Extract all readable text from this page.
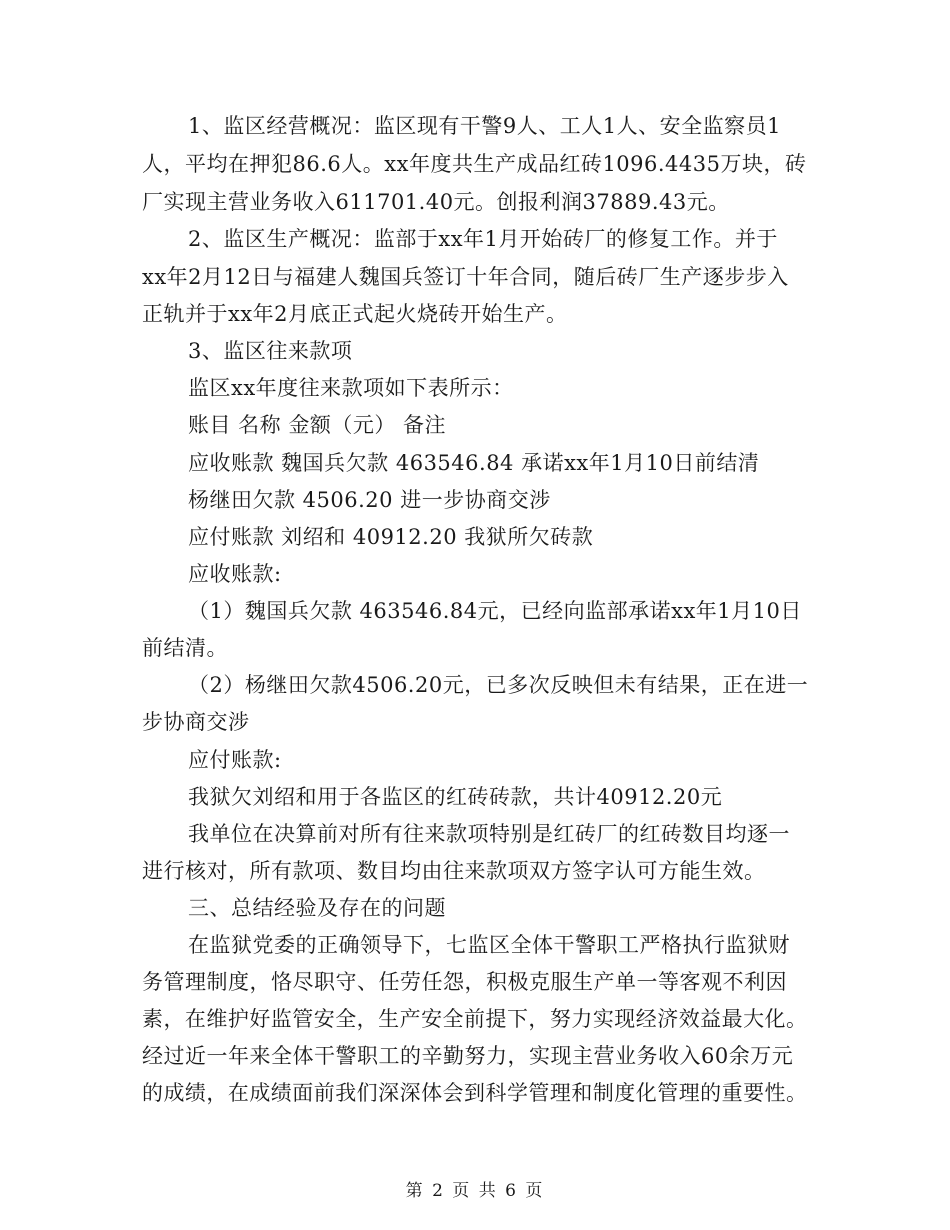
1、监区经营概况：监区现有干警9人、工人1人、安全监察员1
人，平均在押犯86.6人。xx年度共生产成品红砖1096.4435万块，砖
厂实现主营业务收入611701.40元。创报利润37889.43元。
2、监区生产概况：监部于xx年1月开始砖厂的修复工作。并于
xx年2月12日与福建人魏国兵签订十年合同，随后砖厂生产逐步步入
正轨并于xx年2月底正式起火烧砖开始生产。
3、监区往来款项
监区xx年度往来款项如下表所示：
账目 名称 金额（元） 备注
应收账款 魏国兵欠款 463546.84 承诺xx年1月10日前结清
杨继田欠款 4506.20 进一步协商交涉
应付账款 刘绍和 40912.20 我狱所欠砖款
应收账款:
（1）魏国兵欠款 463546.84元，已经向监部承诺xx年1月10日
前结清。
（2）杨继田欠款4506.20元，已多次反映但未有结果，正在进一
步协商交涉
应付账款:
我狱欠刘绍和用于各监区的红砖砖款，共计40912.20元
我单位在决算前对所有往来款项特别是红砖厂的红砖数目均逐一
进行核对，所有款项、数目均由往来款项双方签字认可方能生效。
三、总结经验及存在的问题
在监狱党委的正确领导下，七监区全体干警职工严格执行监狱财
务管理制度，恪尽职守、任劳任怨，积极克服生产单一等客观不利因
素，在维护好监管安全，生产安全前提下，努力实现经济效益最大化。
经过近一年来全体干警职工的辛勤努力，实现主营业务收入60余万元
的成绩，在成绩面前我们深深体会到科学管理和制度化管理的重要性。
第 2 页 共 6 页
